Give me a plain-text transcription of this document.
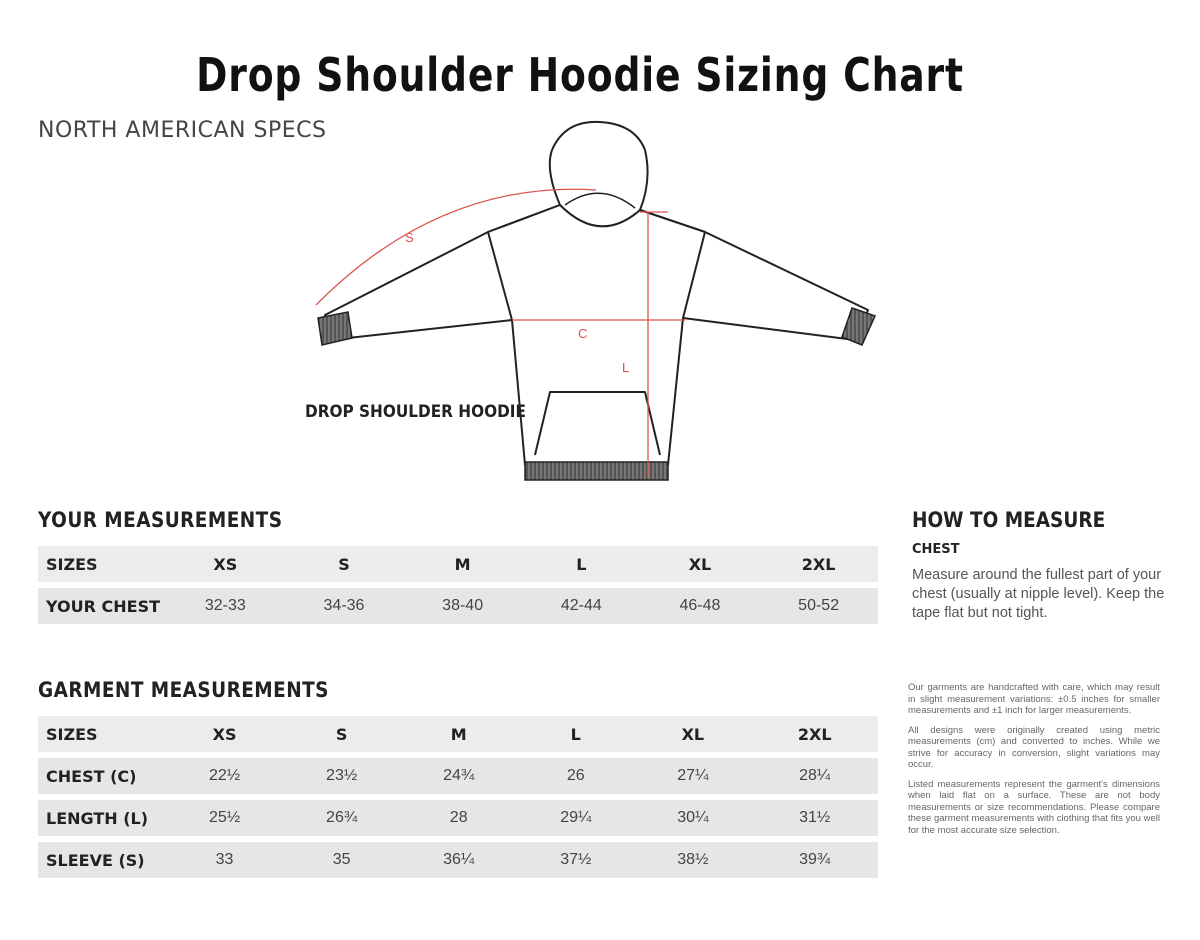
Drop Shoulder Hoodie Sizing Chart
NORTH AMERICAN SPECS
S
C
L
DROP SHOULDER HOODIE
YOUR MEASUREMENTS
SIZES	XS	S	M	L	XL	2XL
YOUR CHEST	32-33	34-36	38-40	42-44	46-48	50-52
GARMENT MEASUREMENTS
SIZES	XS	S	M	L	XL	2XL
CHEST (C)	22½	23½	24¾	26	27¼	28¼
LENGTH (L)	25½	26¾	28	29¼	30¼	31½
SLEEVE (S)	33	35	36¼	37½	38½	39¾
HOW TO MEASURE
CHEST
Measure around the fullest part of your chest (usually at nipple level). Keep the tape flat but not tight.

Our garments are handcrafted with care, which may result in slight measurement variations: ±0.5 inches for smaller measurements and ±1 inch for larger measurements.

All designs were originally created using metric measurements (cm) and converted to inches. While we strive for accuracy in conversion, slight variations may occur.

Listed measurements represent the garment's dimensions when laid flat on a surface. These are not body measurements or size recommendations. Please compare these garment measurements with clothing that fits you well for the most accurate size selection.
